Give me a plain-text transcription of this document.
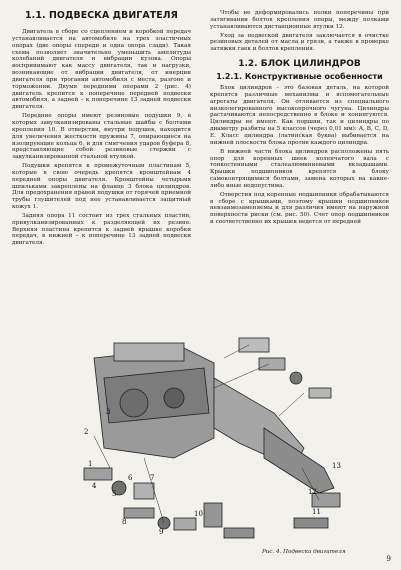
1.1. ПОДВЕСКА ДВИГАТЕЛЯ

Двигатель в сборе со сцеплением и коробкой передач устанавливается на автомобиле на трех эластичных опорах (две опоры спереди и одна опора сзади). Такая схема позволяет значительно уменьшить амплитуды колебаний двигателя и вибрации кузова. Опоры воспринимают как массу двигателя, так и нагрузки, возникающие от вибрации двигателя, от инерции двигателя при трогании автомобиля с места, разгоне и торможении. Двумя передними опорами 2 (рис. 4) двигатель крепится к поперечине передней подвески автомобиля, а задней – к поперечине 13 задней подвески двигателя.

Передние опоры имеют резиновые подушки 9, в которых завулканизированы стальные шайбы с болтами крепления 10. В отверстии, внутри подушек, находится для увеличения жесткости пружины 7, опирающиеся на изолирующие кольца 6, и для смягчения ударов буфера 8, представляющие собой резиновые стержни с завулканизированной стальной втулкой.

Подушки крепятся к промежуточным пластинам 5, которые в свою очередь крепятся кронштейнам 4 передней опоры двигателя. Кронштейны четырьмя шпильками закреплены на фланце 3 блока цилиндров. Для предохранения правой подушки от горячей приемной трубы глушителей под нее устанавливается защитный кожух 1.

Задняя опора 11 состоит из трех стальных пластин, привулканизированных к разделяющей их резине. Верхняя пластина крепится к задней крышке коробки передач, в нижней – к поперечине 13 задней подвески двигателя.

Чтобы не деформировались полки поперечины при затягивании болтов крепления опоры, между полками устанавливаются дистанционные втулки 12.

Уход за подвеской двигателя заключается в очистке резиновых деталей от масла и грязи, а также в проверке затяжки гаек и болтов крепления.

1.2. БЛОК ЦИЛИНДРОВ
1.2.1. Конструктивные особенности

Блок цилиндров – это базовая деталь, на которой крепятся различные механизмы и вспомогательные агрегаты двигателя. Он отливается из специального низколегированного высокопрочного чугуна. Цилиндры растачиваются непосредственно в блоке и хонингуются. Цилиндры не имеют. Как поршни, так и цилиндры по диаметру разбиты на 5 классов (через 0,01 мм): А, В, С, D, Е. Класс цилиндра (латинская буква) выбивается на нижней плоскости блока против каждого цилиндра.

В нижней части блока цилиндров расположены пять опор для коренных шеек коленчатого вала с тонкостенными сталеалюминиевыми вкладышами. Крышки подшипников крепятся к блоку самоконтрящимися болтами, замена которых на какие-либо иные недопустима.

Отверстия под коренные подшипники обрабатываются в сборе с крышками, поэтому крышки подшипников невзаимозаменяемы и для различия имеют на наружной поверхности риски (см. рис. 50). Счет опор подшипников и соответственно их крышек ведется от передней

1
2
3
4
5
6	7
8
9
10	11
12
13
Рис. 4. Подвеска двигателя
9
